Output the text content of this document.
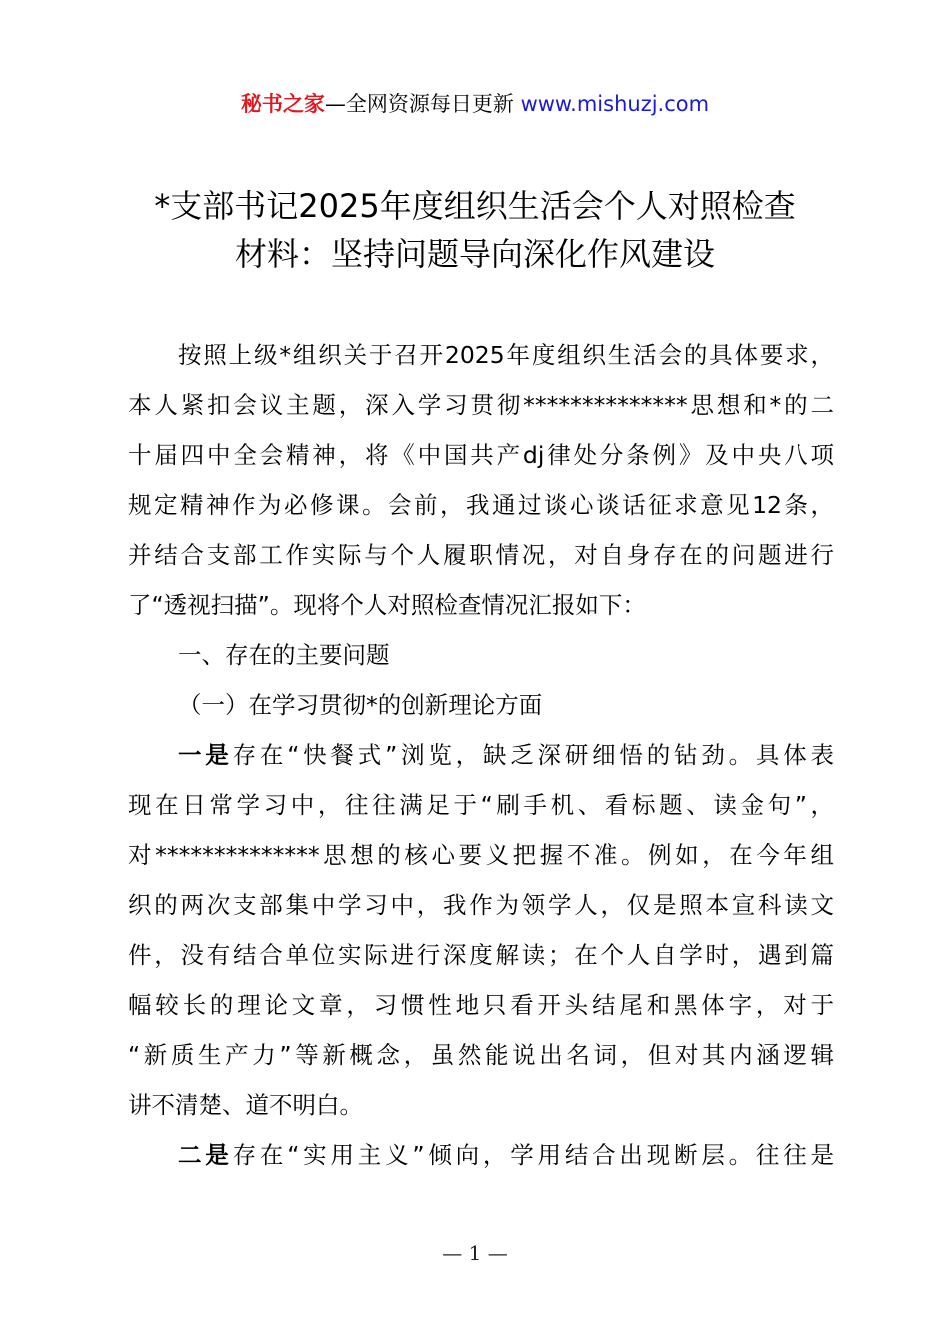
秘书之家—全网资源每日更新 www.mishuzj.com
*支部书记2025年度组织生活会个人对照检查
材料：坚持问题导向深化作风建设
按照上级*组织关于召开2025年度组织生活会的具体要求，
本人紧扣会议主题，深入学习贯彻**************思想和*的二
十届四中全会精神，将《中国共产dj律处分条例》及中央八项
规定精神作为必修课。会前，我通过谈心谈话征求意见12条，
并结合支部工作实际与个人履职情况，对自身存在的问题进行
了“透视扫描”。现将个人对照检查情况汇报如下：
一、存在的主要问题
（一）在学习贯彻*的创新理论方面
一是存在“快餐式”浏览，缺乏深研细悟的钻劲。具体表
现在日常学习中，往往满足于“刷手机、看标题、读金句”，
对**************思想的核心要义把握不准。例如，在今年组
织的两次支部集中学习中，我作为领学人，仅是照本宣科读文
件，没有结合单位实际进行深度解读；在个人自学时，遇到篇
幅较长的理论文章，习惯性地只看开头结尾和黑体字，对于
“新质生产力”等新概念，虽然能说出名词，但对其内涵逻辑
讲不清楚、道不明白。
二是存在“实用主义”倾向，学用结合出现断层。往往是
— 1 —
